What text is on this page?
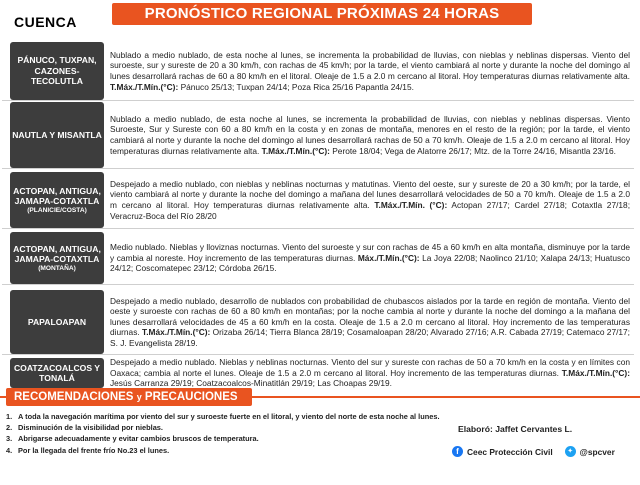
PRONÓSTICO REGIONAL PRÓXIMAS 24 HORAS
CUENCA
PÁNUCO, TUXPAN, CAZONES-TECOLUTLA

Nublado a medio nublado, de esta noche al lunes, se incrementa la probabilidad de lluvias, con nieblas y neblinas dispersas. Viento del suroeste, sur y sureste de 20 a 30 km/h, con rachas de 45 km/h; por la tarde, el viento cambiará al norte y durante la noche del domingo al lunes desarrollará rachas de 60 a 80 km/h en el litoral. Oleaje de 1.5 a 2.0 m cercano al litoral. Hoy temperaturas diurnas relativamente alta. T.Máx./T.Mín.(°C): Pánuco 25/13; Tuxpan 24/14; Poza Rica 25/16 Papantla 24/15.

NAUTLA Y MISANTLA

Nublado a medio nublado, de esta noche al lunes, se incrementa la probabilidad de lluvias, con nieblas y neblinas dispersas. Viento Suroeste, Sur y Sureste con 60 a 80 km/h en la costa y en zonas de montaña, menores en el resto de la región; por la tarde, el viento cambiará al norte y durante la noche del domingo al lunes desarrollará rachas de 50 a 70 km/h. Oleaje de 1.5 a 2.0 m cercano al litoral. Hoy temperaturas diurnas relativamente alta. T.Máx./T.Mín.(°C): Perote 18/04; Vega de Alatorre 26/17; Mtz. de la Torre 24/16, Misantla 23/16.

ACTOPAN, ANTIGUA, JAMAPA-COTAXTLA
(PLANICIE/COSTA)

Despejado a medio nublado, con nieblas y neblinas nocturnas y matutinas. Viento del oeste, sur y sureste de 20 a 30 km/h; por la tarde, el viento cambiará al norte y durante la noche del domingo a mañana del lunes desarrollará velocidades de 50 a 70 km/h. Oleaje de 1.5 a 2.0 m cercano al litoral. Hoy temperaturas diurnas relativamente alta. T.Máx./T.Mín. (°C): Actopan 27/17; Cardel 27/18; Cotaxtla 27/18; Veracruz-Boca del Río 28/20

ACTOPAN, ANTIGUA, JAMAPA-COTAXTLA
(MONTAÑA)

Medio nublado. Nieblas y lloviznas nocturnas. Viento del suroeste y sur con rachas de 45 a 60 km/h en alta montaña, disminuye por la tarde y cambia al noreste. Hoy incremento de las temperaturas diurnas. Máx./T.Mín.(°C): La Joya 22/08; Naolinco 21/10; Xalapa 24/13; Huatusco 24/12; Coscomatepec 23/12; Córdoba 26/15.

PAPALOAPAN

Despejado a medio nublado, desarrollo de nublados con probabilidad de chubascos aislados por la tarde en región de montaña. Viento del oeste y suroeste con rachas de 60 a 80 km/h en montañas; por la noche cambia al norte y durante la noche del domingo a la mañana del lunes desarrollará velocidades de 45 a 60 km/h en la costa. Oleaje de 1.5 a 2.0 m cercano al litoral. Hoy incremento de las temperaturas diurnas. T.Máx./T.Mín.(°C): Orizaba 26/14; Tierra Blanca 28/19; Cosamaloapan 28/20; Alvarado 27/16; A.R. Cabada 27/19; Catemaco 27/17; S. J. Evangelista 28/19.

COATZACOALCOS Y TONALÁ

Despejado a medio nublado. Nieblas y neblinas nocturnas. Viento del sur y sureste con rachas de 50 a 70 km/h en la costa y en límites con Oaxaca; cambia al norte el lunes. Oleaje de 1.5 a 2.0 m cercano al litoral. Hoy incremento de las temperaturas diurnas. T.Máx./T.Mín.(°C): Jesús Carranza 29/19; Coatzacoalcos-Minatitlán 29/19; Las Choapas 29/19.

RECOMENDACIONES y PRECAUCIONES
1. A toda la navegación marítima por viento del sur y suroeste fuerte en el litoral, y viento del norte de esta noche al lunes.
2. Disminución de la visibilidad por nieblas.
3. Abrigarse adecuadamente y evitar cambios bruscos de temperatura.
4. Por la llegada del frente frío No.23 el lunes.
Elaboró: Jaffet Cervantes L.
f Ceec Protección Civil	✦ @spcver
